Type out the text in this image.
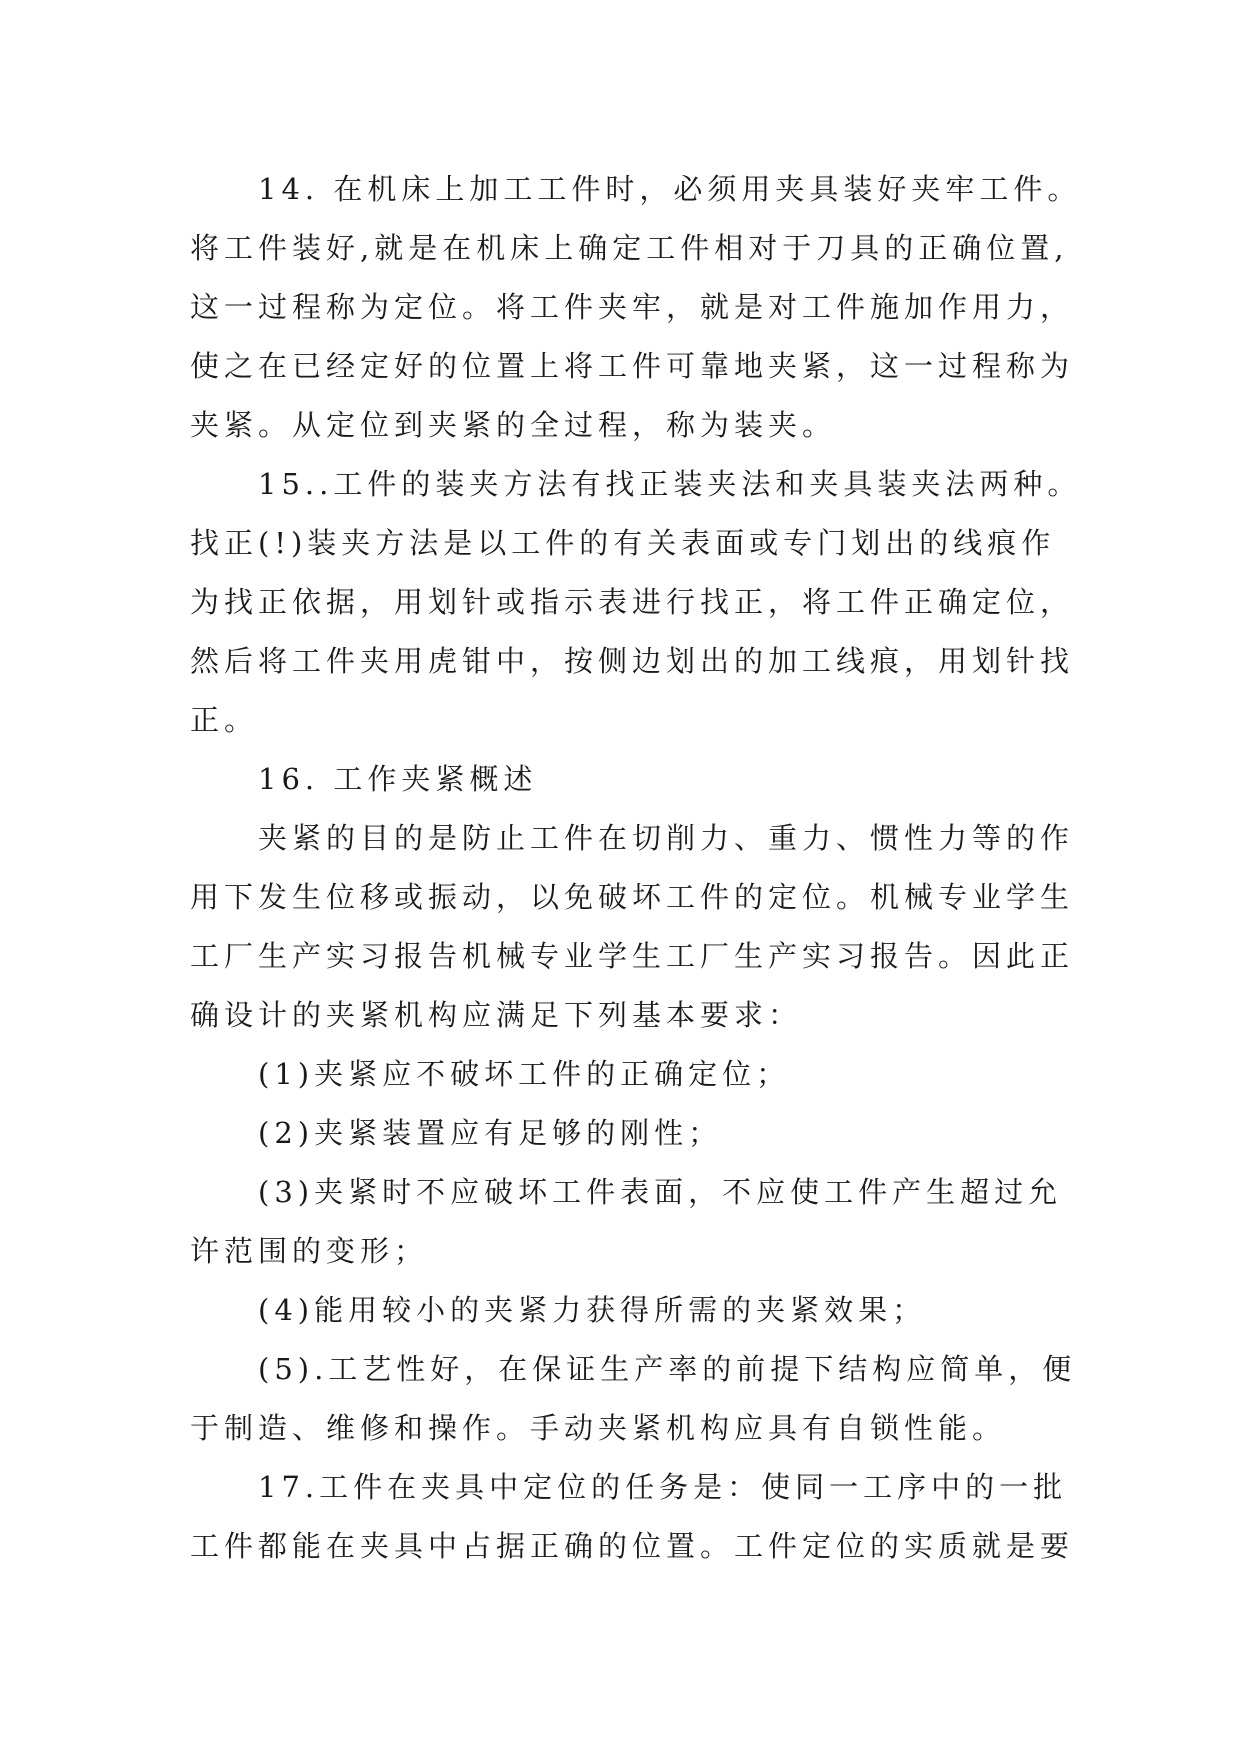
14. 在机床上加工工件时，必须用夹具装好夹牢工件。
将工件装好,就是在机床上确定工件相对于刀具的正确位置,
这一过程称为定位。将工件夹牢，就是对工件施加作用力，
使之在已经定好的位置上将工件可靠地夹紧，这一过程称为
夹紧。从定位到夹紧的全过程，称为装夹。
15..工件的装夹方法有找正装夹法和夹具装夹法两种。
找正(!)装夹方法是以工件的有关表面或专门划出的线痕作
为找正依据，用划针或指示表进行找正，将工件正确定位，
然后将工件夹用虎钳中，按侧边划出的加工线痕，用划针找
正。
16. 工作夹紧概述
夹紧的目的是防止工件在切削力、重力、惯性力等的作
用下发生位移或振动，以免破坏工件的定位。机械专业学生
工厂生产实习报告机械专业学生工厂生产实习报告。因此正
确设计的夹紧机构应满足下列基本要求：
(1)夹紧应不破坏工件的正确定位；
(2)夹紧装置应有足够的刚性；
(3)夹紧时不应破坏工件表面，不应使工件产生超过允
许范围的变形；
(4)能用较小的夹紧力获得所需的夹紧效果；
(5).工艺性好，在保证生产率的前提下结构应简单，便
于制造、维修和操作。手动夹紧机构应具有自锁性能。
17.工件在夹具中定位的任务是：使同一工序中的一批
工件都能在夹具中占据正确的位置。工件定位的实质就是要
